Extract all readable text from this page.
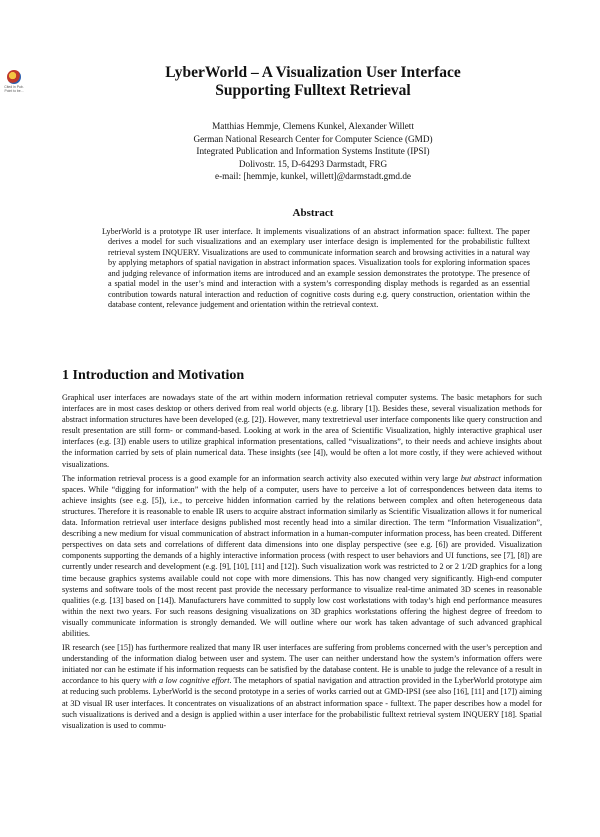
Cited in Pub. Point to be...
LyberWorld – A Visualization User Interface
Supporting Fulltext Retrieval
Matthias Hemmje, Clemens Kunkel, Alexander Willett
German National Research Center for Computer Science (GMD)
Integrated Publication and Information Systems Institute (IPSI)
Dolivostr. 15, D-64293 Darmstadt, FRG
e-mail: [hemmje, kunkel, willett]@darmstadt.gmd.de
Abstract

LyberWorld is a prototype IR user interface. It implements visualizations of an abstract information space: fulltext. The paper derives a model for such visualizations and an exemplary user interface design is implemented for the probabilistic fulltext retrieval system INQUERY. Visualizations are used to communicate information search and browsing activities in a natural way by applying metaphors of spatial navigation in abstract information spaces. Visualization tools for exploring information spaces and judging relevance of information items are introduced and an example session demonstrates the prototype. The presence of a spatial model in the user’s mind and interaction with a system’s corresponding display methods is regarded as an essential contribution towards natural interaction and reduction of cognitive costs during e.g. query construction, orientation within the database content, relevance judgement and orientation within the retrieval context.

1 Introduction and Motivation

Graphical user interfaces are nowadays state of the art within modern information retrieval computer systems. The basic metaphors for such interfaces are in most cases desktop or others derived from real world objects (e.g. library [1]). Besides these, several visualization methods for abstract information structures have been developed (e.g. [2]). However, many textretrieval user interface components like query construction and result presentation are still form- or command-based. Looking at work in the area of Scientific Visualization, highly interactive graphical user interfaces (e.g. [3]) enable users to utilize graphical information presentations, called “visualizations”, to their needs and achieve insights about the information carried by sets of plain numerical data. These insights (see [4]), would be often a lot more costly, if they were achieved without visualizations.

The information retrieval process is a good example for an information search activity also executed within very large but abstract information spaces. While “digging for information” with the help of a computer, users have to perceive a lot of correspondences between data items to achieve insights (see e.g. [5]), i.e., to perceive hidden information carried by the relations between complex and often heterogeneous data structures. Therefore it is reasonable to enable IR users to acquire abstract information similarly as Scientific Visualization allows it for numerical data. Information retrieval user interface designs published most recently head into a similar direction. The term “Information Visualization”, describing a new medium for visual communication of abstract information in a human-computer information process, has been created. Different perspectives on data sets and correlations of different data dimensions into one display perspective (see e.g. [6]) are provided. Visualization components supporting the demands of a highly interactive information process (with respect to user behaviors and UI functions, see [7], [8]) are currently under research and development (e.g. [9], [10], [11] and [12]). Such visualization work was restricted to 2 or 2 1/2D graphics for a long time because graphics systems available could not cope with more dimensions. This has now changed very significantly. High-end computer systems and software tools of the most recent past provide the necessary performance to visualize real-time animated 3D scenes in reasonable qualities (e.g. [13] based on [14]). Manufacturers have committed to supply low cost workstations with today’s high end performance measures within the next two years. For such reasons designing visualizations on 3D graphics workstations offering the highest degree of freedom to visually communicate information is strongly demanded. We will outline where our work has taken advantage of such advanced graphical abilities.

IR research (see [15]) has furthermore realized that many IR user interfaces are suffering from problems concerned with the user’s perception and understanding of the information dialog between user and system. The user can neither understand how the system’s information offers were initiated nor can he estimate if his information requests can be satisfied by the database content. He is unable to judge the relevance of a result in accordance to his query with a low cognitive effort. The metaphors of spatial navigation and attraction provided in the LyberWorld prototype aim at reducing such problems. LyberWorld is the second prototype in a series of works carried out at GMD-IPSI (see also [16], [11] and [17]) aiming at 3D visual IR user interfaces. It concentrates on visualizations of an abstract information space - fulltext. The paper describes how a model for such visualizations is derived and a design is applied within a user interface for the probabilistic fulltext retrieval system INQUERY [18]. Spatial visualization is used to commu-
